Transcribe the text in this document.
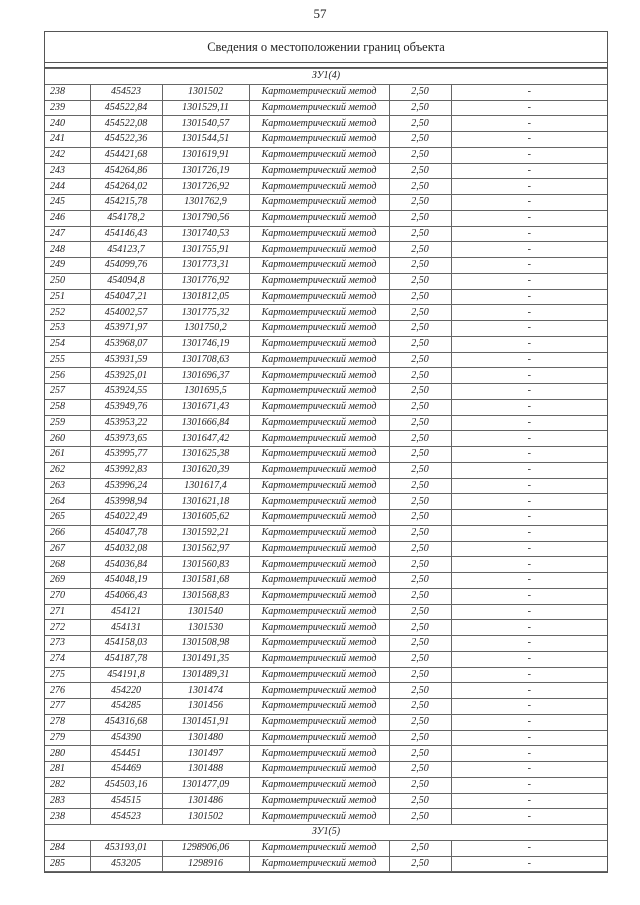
57
Сведения о местоположении границ объекта
ЗУ1(4)					
238	454523	1301502	Картометрический метод	2,50	-
239	454522,84	1301529,11	Картометрический метод	2,50	-
240	454522,08	1301540,57	Картометрический метод	2,50	-
241	454522,36	1301544,51	Картометрический метод	2,50	-
242	454421,68	1301619,91	Картометрический метод	2,50	-
243	454264,86	1301726,19	Картометрический метод	2,50	-
244	454264,02	1301726,92	Картометрический метод	2,50	-
245	454215,78	1301762,9	Картометрический метод	2,50	-
246	454178,2	1301790,56	Картометрический метод	2,50	-
247	454146,43	1301740,53	Картометрический метод	2,50	-
248	454123,7	1301755,91	Картометрический метод	2,50	-
249	454099,76	1301773,31	Картометрический метод	2,50	-
250	454094,8	1301776,92	Картометрический метод	2,50	-
251	454047,21	1301812,05	Картометрический метод	2,50	-
252	454002,57	1301775,32	Картометрический метод	2,50	-
253	453971,97	1301750,2	Картометрический метод	2,50	-
254	453968,07	1301746,19	Картометрический метод	2,50	-
255	453931,59	1301708,63	Картометрический метод	2,50	-
256	453925,01	1301696,37	Картометрический метод	2,50	-
257	453924,55	1301695,5	Картометрический метод	2,50	-
258	453949,76	1301671,43	Картометрический метод	2,50	-
259	453953,22	1301666,84	Картометрический метод	2,50	-
260	453973,65	1301647,42	Картометрический метод	2,50	-
261	453995,77	1301625,38	Картометрический метод	2,50	-
262	453992,83	1301620,39	Картометрический метод	2,50	-
263	453996,24	1301617,4	Картометрический метод	2,50	-
264	453998,94	1301621,18	Картометрический метод	2,50	-
265	454022,49	1301605,62	Картометрический метод	2,50	-
266	454047,78	1301592,21	Картометрический метод	2,50	-
267	454032,08	1301562,97	Картометрический метод	2,50	-
268	454036,84	1301560,83	Картометрический метод	2,50	-
269	454048,19	1301581,68	Картометрический метод	2,50	-
270	454066,43	1301568,83	Картометрический метод	2,50	-
271	454121	1301540	Картометрический метод	2,50	-
272	454131	1301530	Картометрический метод	2,50	-
273	454158,03	1301508,98	Картометрический метод	2,50	-
274	454187,78	1301491,35	Картометрический метод	2,50	-
275	454191,8	1301489,31	Картометрический метод	2,50	-
276	454220	1301474	Картометрический метод	2,50	-
277	454285	1301456	Картометрический метод	2,50	-
278	454316,68	1301451,91	Картометрический метод	2,50	-
279	454390	1301480	Картометрический метод	2,50	-
280	454451	1301497	Картометрический метод	2,50	-
281	454469	1301488	Картометрический метод	2,50	-
282	454503,16	1301477,09	Картометрический метод	2,50	-
283	454515	1301486	Картометрический метод	2,50	-
238	454523	1301502	Картометрический метод	2,50	-
ЗУ1(5)					
284	453193,01	1298906,06	Картометрический метод	2,50	-
285	453205	1298916	Картометрический метод	2,50	-
